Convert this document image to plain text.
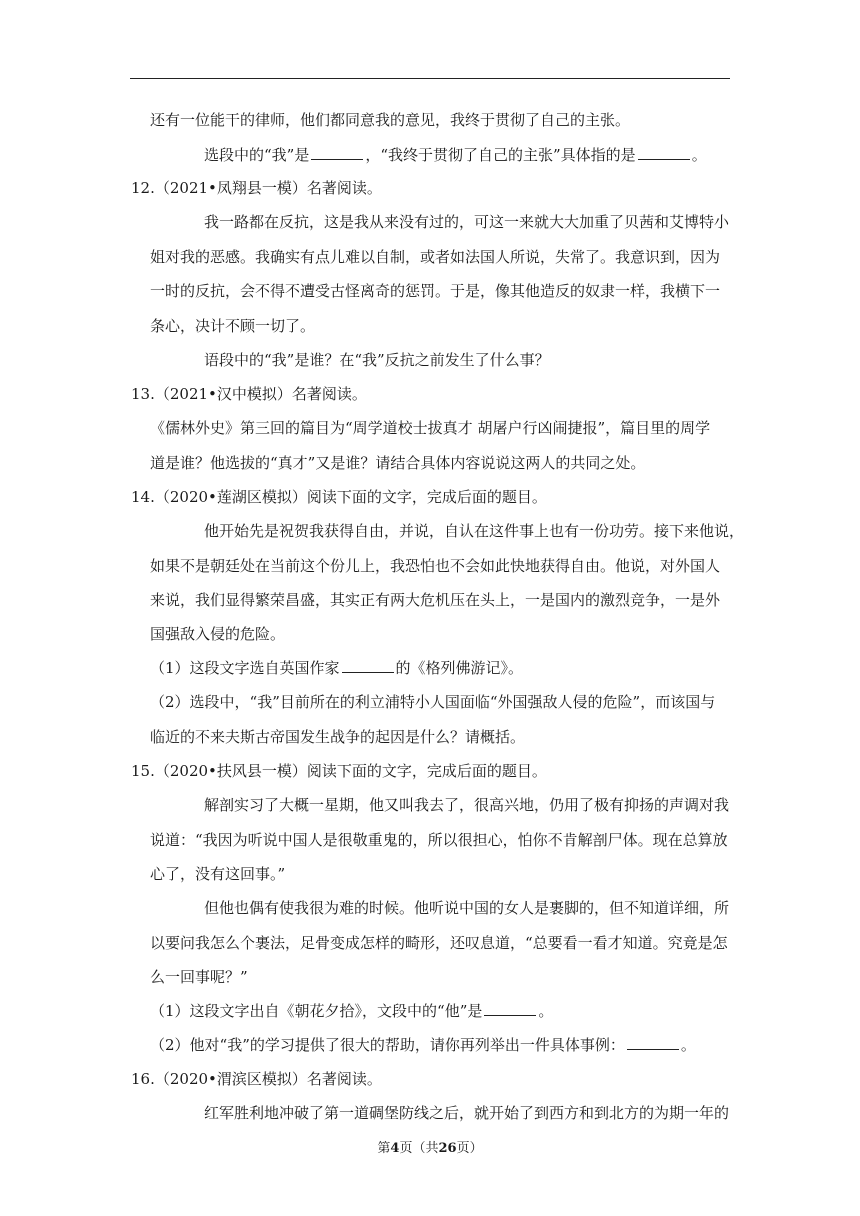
还有一位能干的律师，他们都同意我的意见，我终于贯彻了自己的主张。
选段中的“我”是	，“我终于贯彻了自己的主张”具体指的是	。
12.（2021•凤翔县一模）名著阅读。
我一路都在反抗，这是我从来没有过的，可这一来就大大加重了贝茜和艾博特小
姐对我的恶感。我确实有点儿难以自制，或者如法国人所说，失常了。我意识到，因为
一时的反抗，会不得不遭受古怪离奇的惩罚。于是，像其他造反的奴隶一样，我横下一
条心，决计不顾一切了。
语段中的“我”是谁？在“我”反抗之前发生了什么事？
13.（2021•汉中模拟）名著阅读。
《儒林外史》第三回的篇目为“周学道校士拔真才 胡屠户行凶闹捷报”，篇目里的周学
道是谁？他选拔的“真才”又是谁？请结合具体内容说说这两人的共同之处。
14.（2020•莲湖区模拟）阅读下面的文字，完成后面的题目。
他开始先是祝贺我获得自由，并说，自认在这件事上也有一份功劳。接下来他说，
如果不是朝廷处在当前这个份儿上，我恐怕也不会如此快地获得自由。他说，对外国人
来说，我们显得繁荣昌盛，其实正有两大危机压在头上，一是国内的激烈竞争，一是外
国强敌入侵的危险。
（1）这段文字选自英国作家	的《格列佛游记》。
（2）选段中，“我”目前所在的利立浦特小人国面临“外国强敌人侵的危险”，而该国与
临近的不来夫斯古帝国发生战争的起因是什么？请概括。
15.（2020•扶风县一模）阅读下面的文字，完成后面的题目。
解剖实习了大概一星期，他又叫我去了，很高兴地，仍用了极有抑扬的声调对我
说道：“我因为听说中国人是很敬重鬼的，所以很担心，怕你不肯解剖尸体。现在总算放
心了，没有这回事。”
但他也偶有使我很为难的时候。他听说中国的女人是裹脚的，但不知道详细，所
以要问我怎么个裹法，足骨变成怎样的畸形，还叹息道，“总要看一看才知道。究竟是怎
么一回事呢？”
（1）这段文字出自《朝花夕拾》，文段中的“他”是	。
（2）他对“我”的学习提供了很大的帮助，请你再列举出一件具体事例：	。
16.（2020•渭滨区模拟）名著阅读。
红军胜利地冲破了第一道碉堡防线之后，就开始了到西方和到北方的为期一年的
第4页（共26页）
